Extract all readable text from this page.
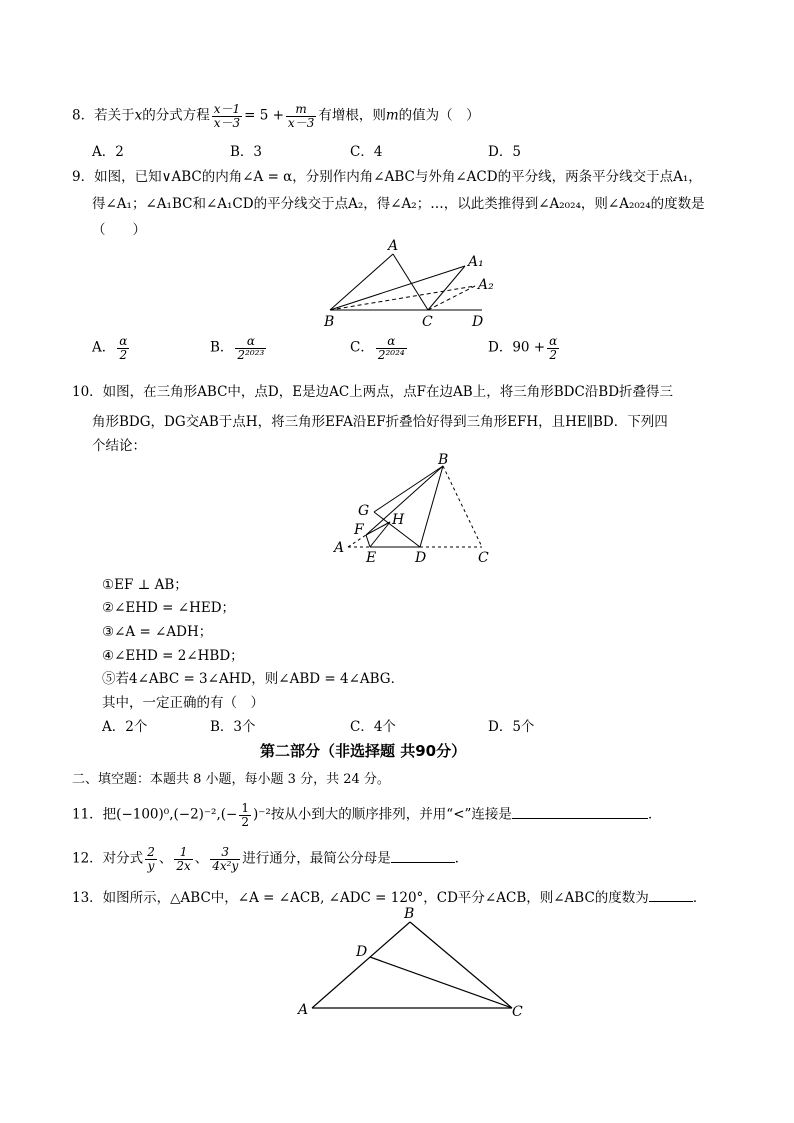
8．若关于x的分式方程 $\frac{x-1}{x-3} = 5 + \frac{m}{x-3}$ 有增根，则m的值为（　）
A．2	B．3	C．4	D．5
9．如图，已知∨ABC的内角∠A = α，分别作内角∠ABC与外角∠ACD的平分线，两条平分线交于点A₁，
得∠A₁；∠A₁BC和∠A₁CD的平分线交于点A₂，得∠A₂；…，以此类推得到∠A₂₀₂₄，则∠A₂₀₂₄的度数是
（　　）
A
A₁
A₂
B	C	D
A． $\frac{\alpha}{2}$	B． $\frac{\alpha}{\text{2²⁰²³}}$	C． $\frac{\alpha}{\text{2²⁰²⁴}}$	D．$90 + \frac{\alpha}{2}$
10．如图，在三角形ABC中，点D，E是边AC上两点，点F在边AB上，将三角形BDC沿BD折叠得三
角形BDG，DG交AB于点H，将三角形EFA沿EF折叠恰好得到三角形EFH，且HE∥BD．下列四
个结论：
B
G
H
F
A
E	D	C
①EF ⊥ AB；
②∠EHD = ∠HED；
③∠A = ∠ADH；
④∠EHD = 2∠HBD；
⑤若4∠ABC = 3∠AHD，则∠ABD = 4∠ABG．
其中，一定正确的有（　）
A．2个	B．3个	C．4个	D．5个
第二部分（非选择题 共90分）
二、填空题：本题共 8 小题，每小题 3 分，共 24 分。
11．把$(-100)^0,(-2)^{-2},(- \frac{1}{2} )^{-2}$按从小到大的顺序排列，并用“<”连接是	．
12．对分式 $\frac{2}{y}$ 、 $\frac{1}{2x}$ 、 $\frac{3}{\text{4x²y}}$ 进行通分，最简公分母是	．
13．如图所示，△ABC中，∠A = ∠ACB, ∠ADC = 120°，CD平分∠ACB，则∠ABC的度数为	．
A
B
C
D
